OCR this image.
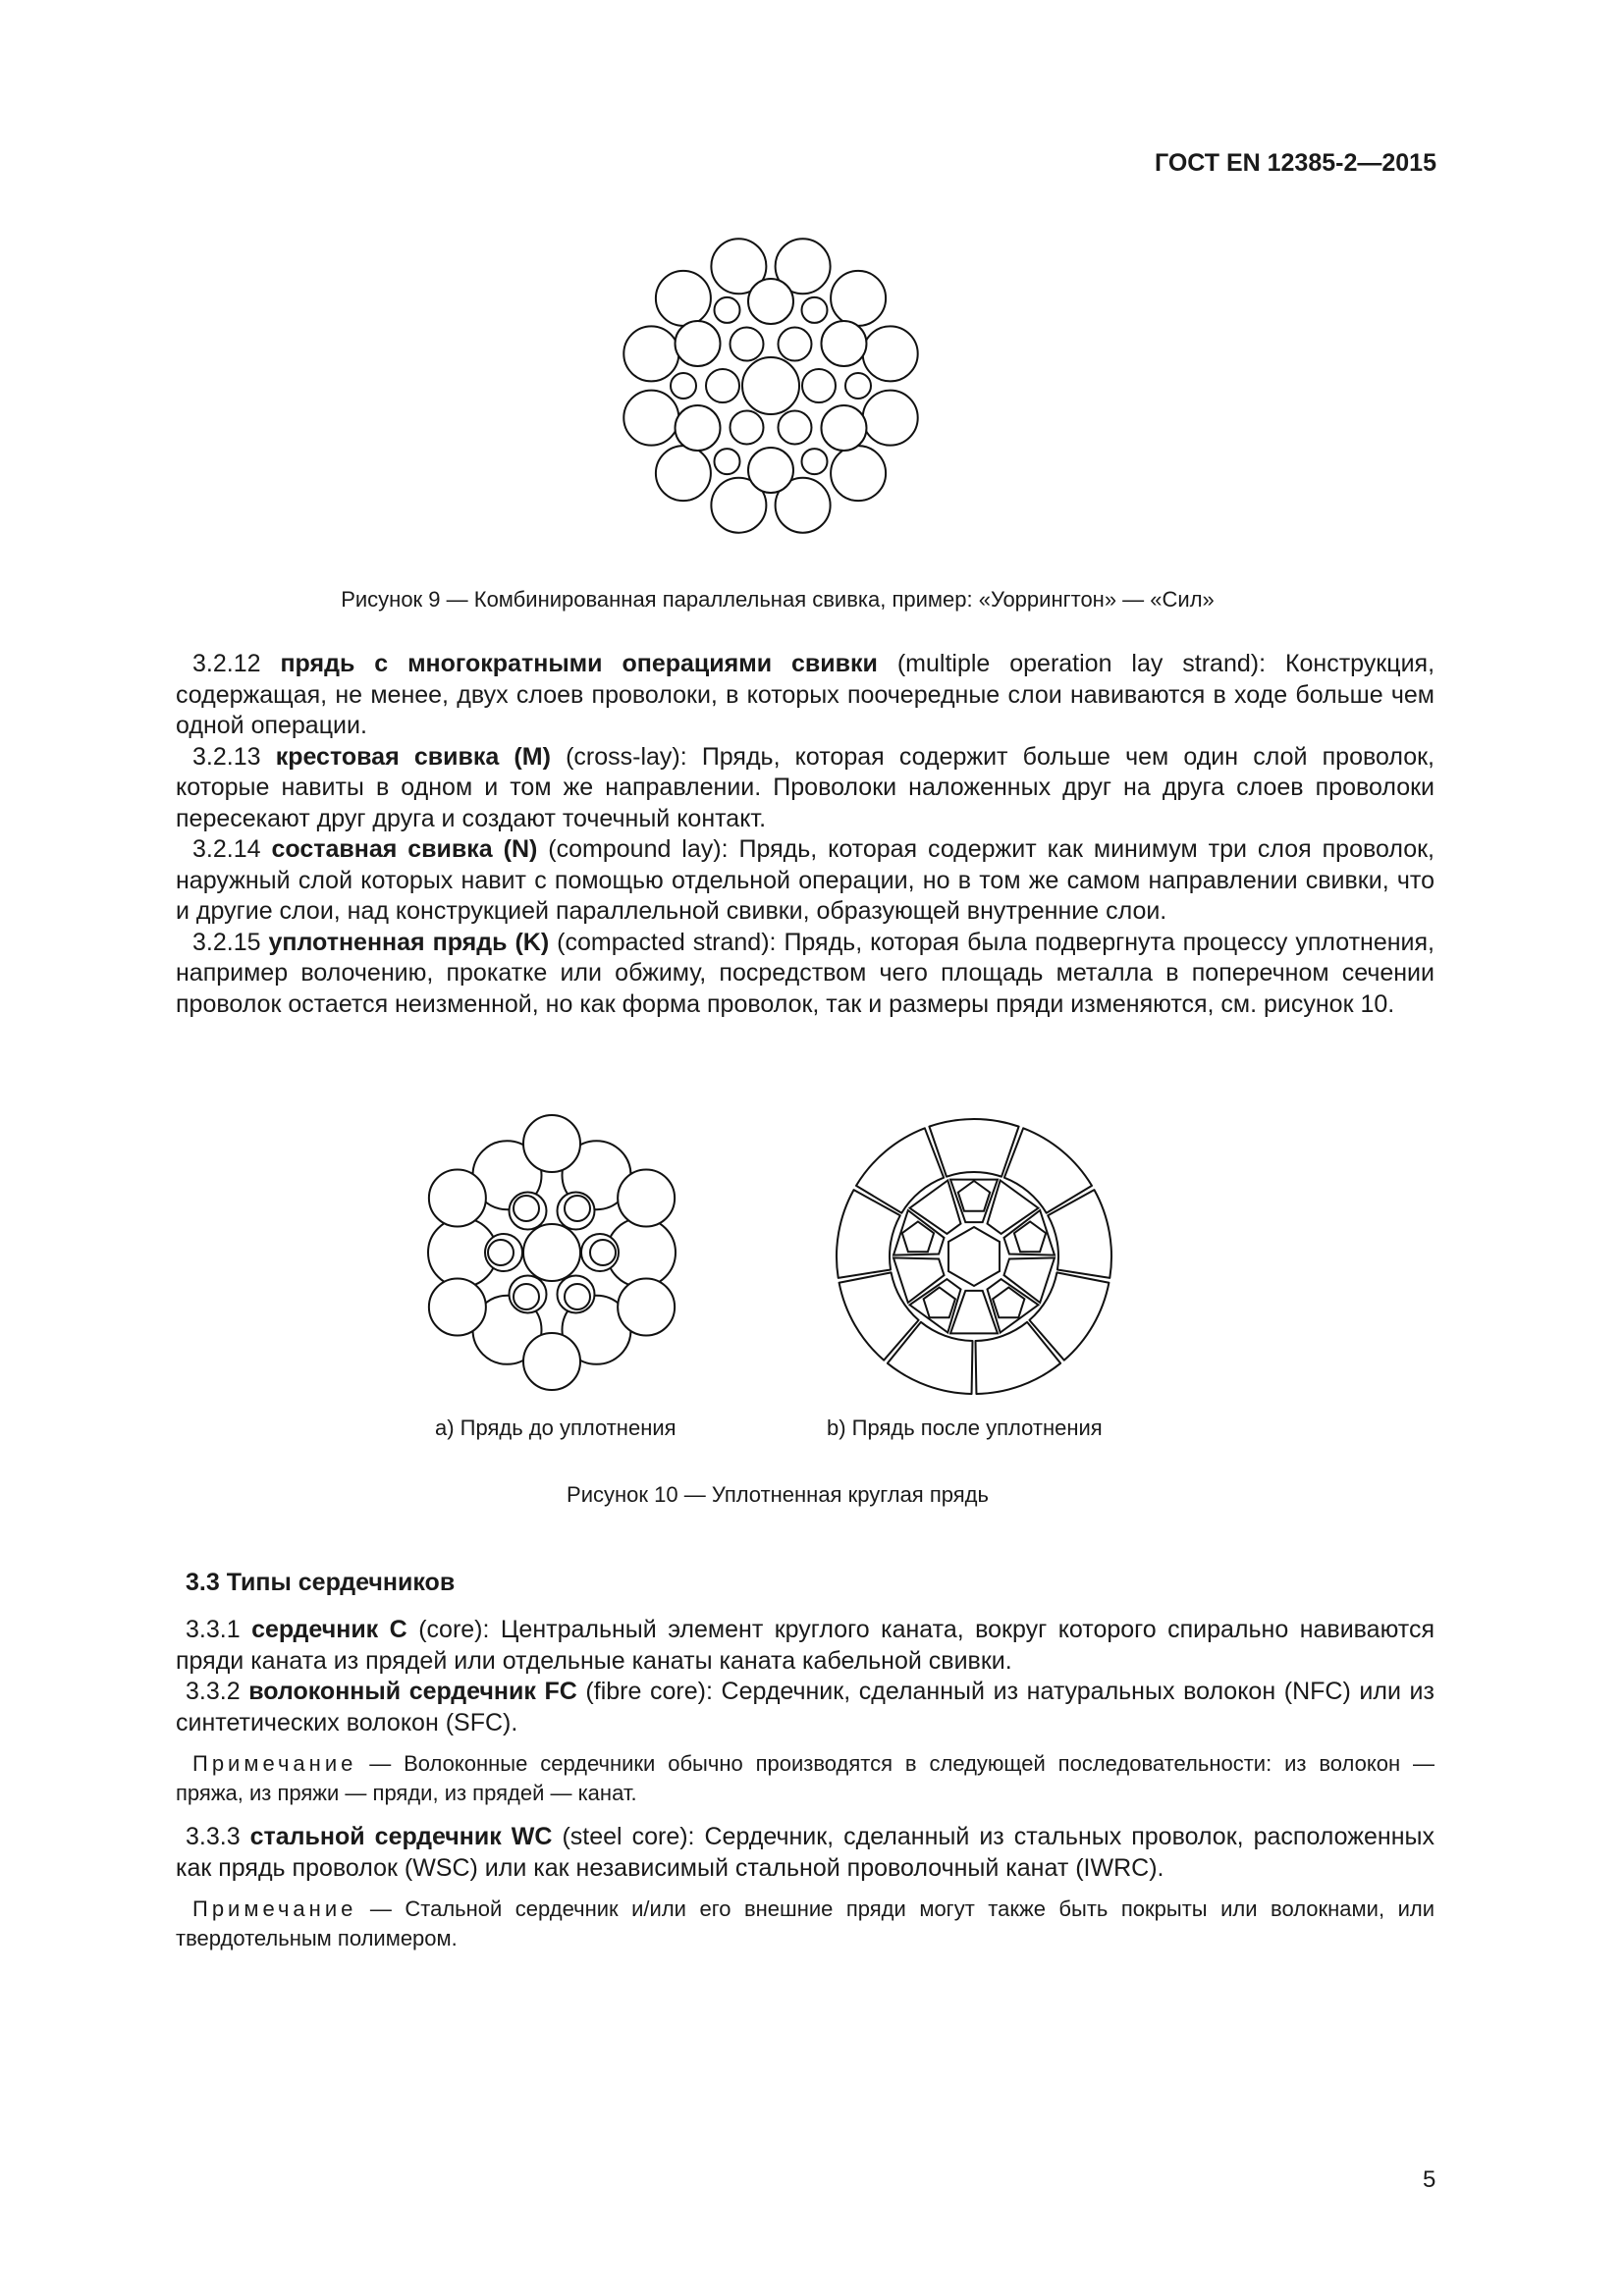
ГОСТ EN 12385-2—2015
Рисунок 9 — Комбинированная параллельная свивка, пример: «Уоррингтон» — «Сил»

3.2.12 прядь с многократными операциями свивки (multiple operation lay strand): Конструкция, содержащая, не менее, двух слоев проволоки, в которых поочередные слои навиваются в ходе больше чем одной операции.

3.2.13 крестовая свивка (М) (cross-lay): Прядь, которая содержит больше чем один слой проволок, которые навиты в одном и том же направлении. Проволоки наложенных друг на друга слоев проволоки пересекают друг друга и создают точечный контакт.

3.2.14 составная свивка (N) (compound lay): Прядь, которая содержит как минимум три слоя проволок, наружный слой которых навит с помощью отдельной операции, но в том же самом направлении свивки, что и другие слои, над конструкцией параллельной свивки, образующей внутренние слои.

3.2.15 уплотненная прядь (K) (compacted strand): Прядь, которая была подвергнута процессу уплотнения, например волочению, прокатке или обжиму, посредством чего площадь металла в поперечном сечении проволок остается неизменной, но как форма проволок, так и размеры пряди изменяются, см. рисунок 10.

a) Прядь до уплотнения	b) Прядь после уплотнения
Рисунок 10 — Уплотненная круглая прядь
3.3 Типы сердечников

3.3.1 сердечник C (core): Центральный элемент круглого каната, вокруг которого спирально навиваются пряди каната из прядей или отдельные канаты каната кабельной свивки.

3.3.2 волоконный сердечник FC (fibre core): Сердечник, сделанный из натуральных волокон (NFC) или из синтетических волокон (SFC).

Примечание — Волоконные сердечники обычно производятся в следующей последовательности: из волокон — пряжа, из пряжи — пряди, из прядей — канат.

3.3.3 стальной сердечник WC (steel core): Сердечник, сделанный из стальных проволок, расположенных как прядь проволок (WSC) или как независимый стальной проволочный канат (IWRC).

Примечание — Стальной сердечник и/или его внешние пряди могут также быть покрыты или волокнами, или твердотельным полимером.

5
